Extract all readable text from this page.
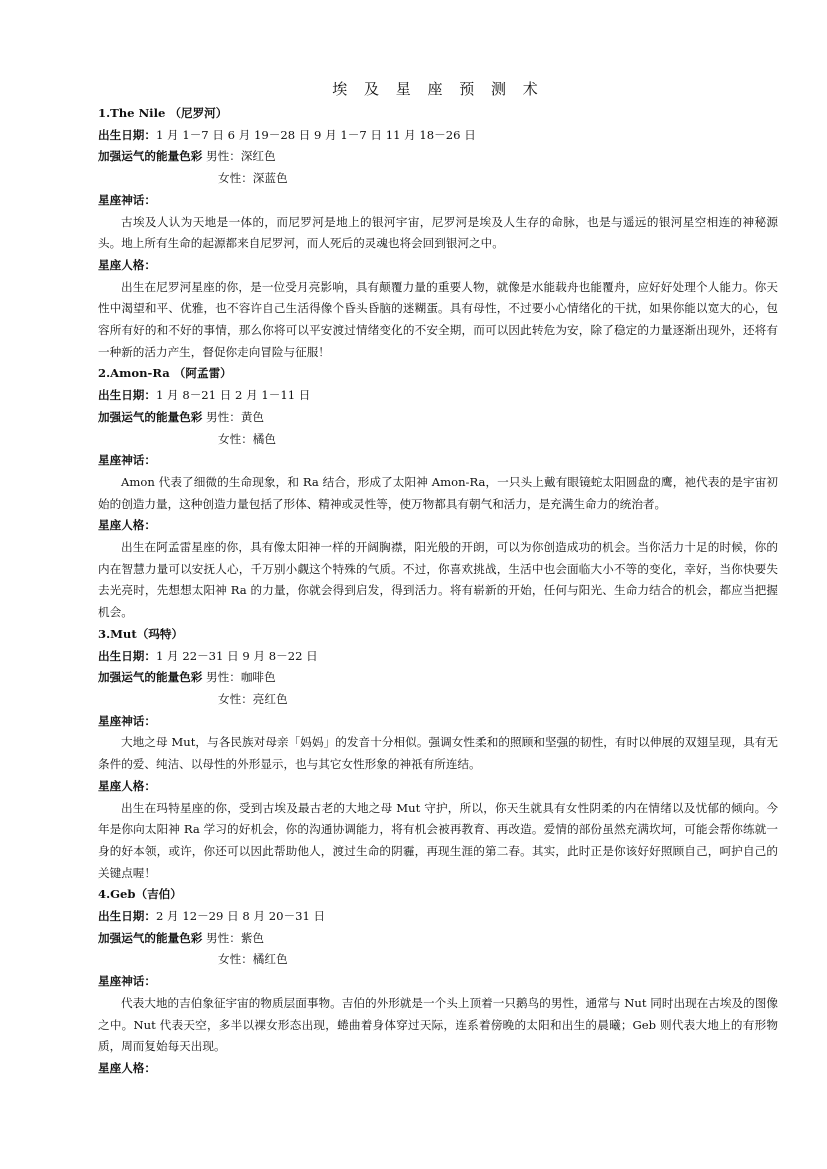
埃 及 星 座 预 测 术
1.The Nile （尼罗河）
出生日期：1 月 1－7 日 6 月 19－28 日 9 月 1－7 日 11 月 18－26 日
加强运气的能量色彩 男性：深红色
女性：深蓝色
星座神话：
古埃及人认为天地是一体的，而尼罗河是地上的银河宇宙，尼罗河是埃及人生存的命脉，也是与遥远的银河星空相连的神秘源头。地上所有生命的起源都来自尼罗河，而人死后的灵魂也将会回到银河之中。
星座人格：
出生在尼罗河星座的你，是一位受月亮影响，具有颠覆力量的重要人物，就像是水能载舟也能覆舟，应好好处理个人能力。你天性中渴望和平、优雅，也不容许自己生活得像个昏头昏脑的迷糊蛋。具有母性，不过要小心情绪化的干扰，如果你能以宽大的心，包容所有好的和不好的事情，那么你将可以平安渡过情绪变化的不安全期，而可以因此转危为安，除了稳定的力量逐渐出现外，还将有一种新的活力产生，督促你走向冒险与征服！
2.Amon-Ra （阿孟雷）
出生日期：1 月 8－21 日 2 月 1－11 日
加强运气的能量色彩 男性：黄色
女性：橘色
星座神话：
Amon 代表了细微的生命现象，和 Ra 结合，形成了太阳神 Amon-Ra，一只头上戴有眼镜蛇太阳圆盘的鹰，祂代表的是宇宙初始的创造力量，这种创造力量包括了形体、精神或灵性等，使万物都具有朝气和活力，是充满生命力的统治者。
星座人格：
出生在阿孟雷星座的你，具有像太阳神一样的开阔胸襟，阳光般的开朗，可以为你创造成功的机会。当你活力十足的时候，你的内在智慧力量可以安抚人心，千万别小觑这个特殊的气质。不过，你喜欢挑战，生活中也会面临大小不等的变化，幸好，当你快要失去光亮时，先想想太阳神 Ra 的力量，你就会得到启发，得到活力。将有崭新的开始，任何与阳光、生命力结合的机会，都应当把握机会。
3.Mut（玛特）
出生日期：1 月 22－31 日 9 月 8－22 日
加强运气的能量色彩 男性：咖啡色
女性：亮红色
星座神话：
大地之母 Mut，与各民族对母亲「妈妈」的发音十分相似。强调女性柔和的照顾和坚强的韧性，有时以伸展的双翅呈现，具有无条件的爱、纯洁、以母性的外形显示，也与其它女性形象的神祇有所连结。
星座人格：
出生在玛特星座的你，受到古埃及最古老的大地之母 Mut 守护，所以，你天生就具有女性阴柔的内在情绪以及忧郁的倾向。今年是你向太阳神 Ra 学习的好机会，你的沟通协调能力，将有机会被再教育、再改造。爱情的部份虽然充满坎坷，可能会帮你练就一身的好本领，或许，你还可以因此帮助他人，渡过生命的阴霾，再现生涯的第二春。其实，此时正是你该好好照顾自己，呵护自己的关键点喔！
4.Geb（吉伯）
出生日期：2 月 12－29 日 8 月 20－31 日
加强运气的能量色彩 男性：紫色
女性：橘红色
星座神话：
代表大地的吉伯象征宇宙的物质层面事物。吉伯的外形就是一个头上顶着一只鹅鸟的男性，通常与 Nut 同时出现在古埃及的图像之中。Nut 代表天空，多半以裸女形态出现，蜷曲着身体穿过天际，连系着傍晚的太阳和出生的晨曦；Geb 则代表大地上的有形物质，周而复始每天出现。
星座人格：
